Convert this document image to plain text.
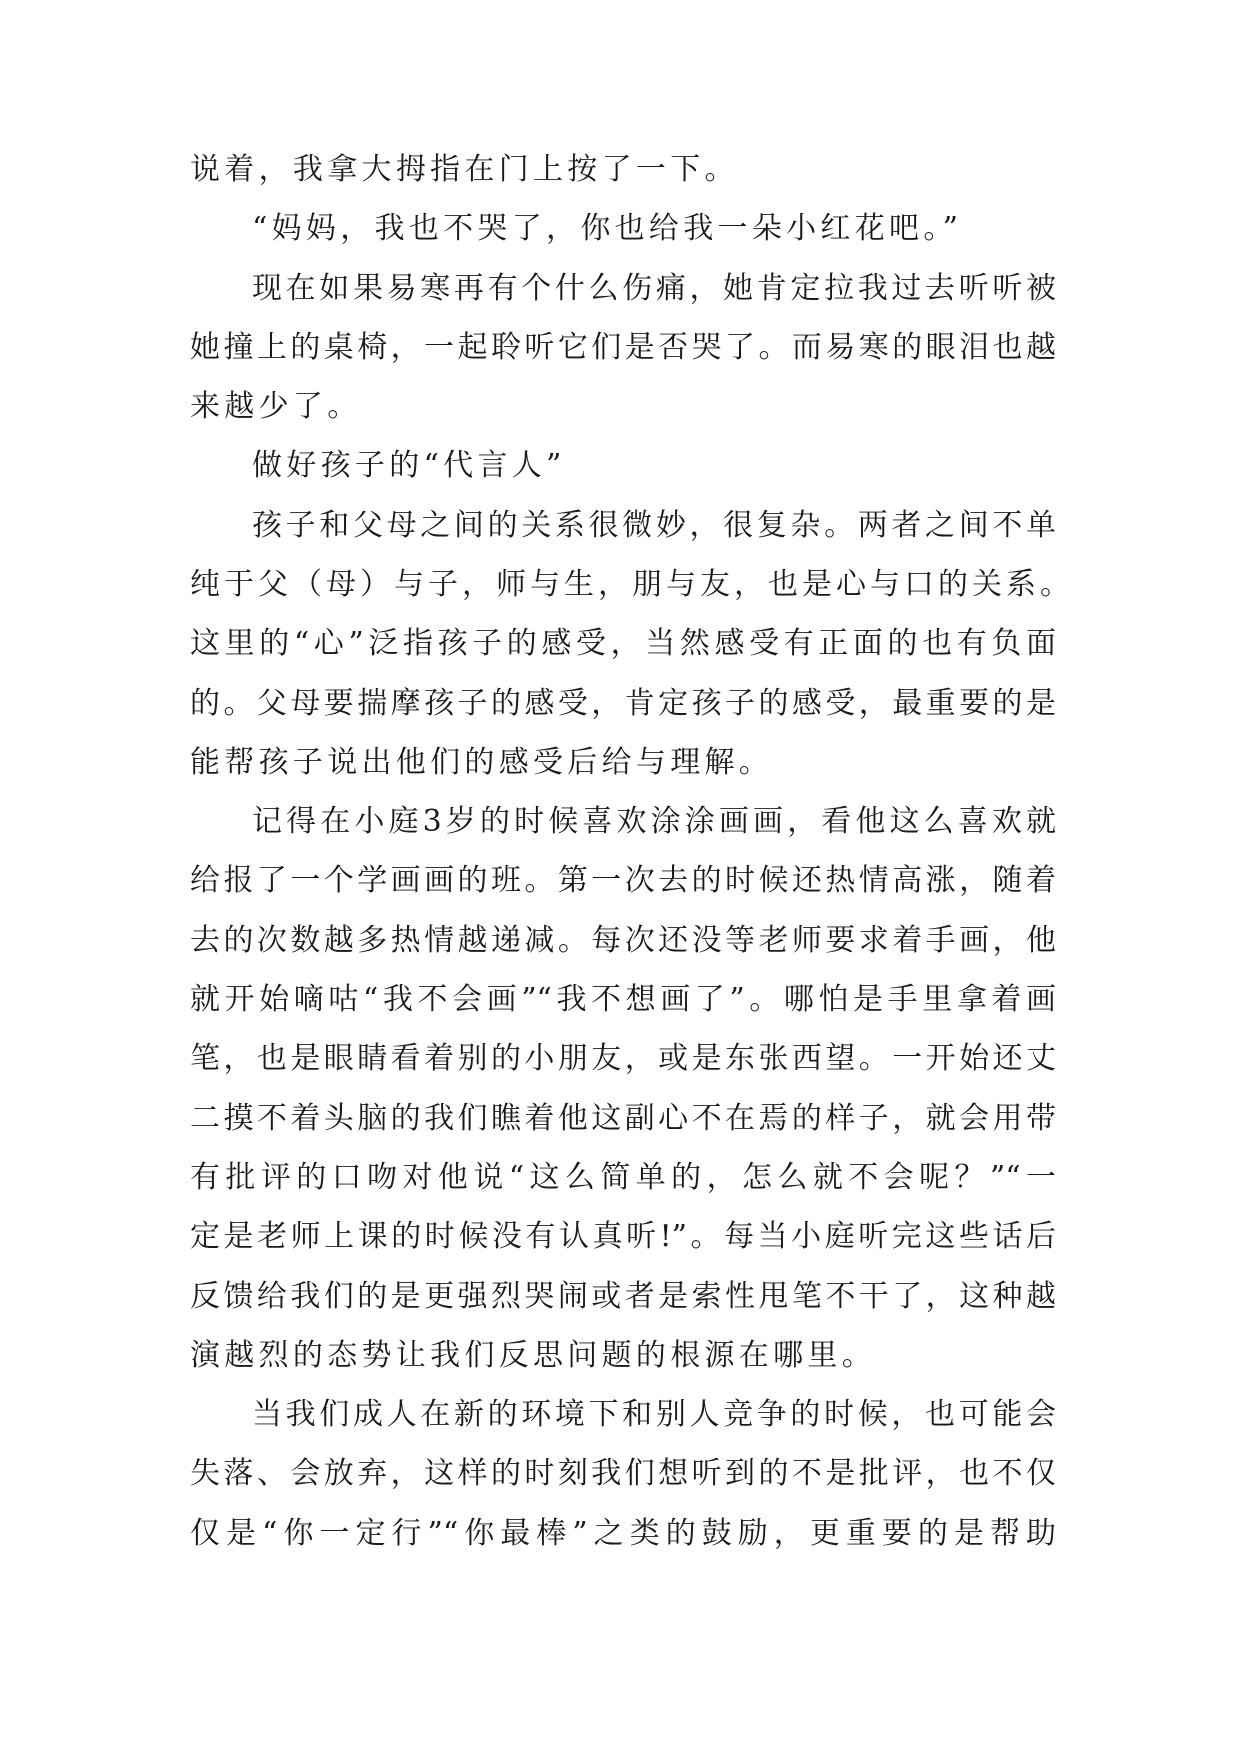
说着，我拿大拇指在门上按了一下。
“妈妈，我也不哭了，你也给我一朵小红花吧。”
现在如果易寒再有个什么伤痛，她肯定拉我过去听听被
她撞上的桌椅，一起聆听它们是否哭了。而易寒的眼泪也越
来越少了。
做好孩子的“代言人”
孩子和父母之间的关系很微妙，很复杂。两者之间不单
纯于父（母）与子，师与生，朋与友，也是心与口的关系。
这里的“心”泛指孩子的感受，当然感受有正面的也有负面
的。父母要揣摩孩子的感受，肯定孩子的感受，最重要的是
能帮孩子说出他们的感受后给与理解。
记得在小庭3岁的时候喜欢涂涂画画，看他这么喜欢就
给报了一个学画画的班。第一次去的时候还热情高涨，随着
去的次数越多热情越递减。每次还没等老师要求着手画，他
就开始嘀咕“我不会画”“我不想画了”。哪怕是手里拿着画
笔，也是眼睛看着别的小朋友，或是东张西望。一开始还丈
二摸不着头脑的我们瞧着他这副心不在焉的样子，就会用带
有批评的口吻对他说“这么简单的，怎么就不会呢？”“一
定是老师上课的时候没有认真听!”。每当小庭听完这些话后
反馈给我们的是更强烈哭闹或者是索性甩笔不干了，这种越
演越烈的态势让我们反思问题的根源在哪里。
当我们成人在新的环境下和别人竞争的时候，也可能会
失落、会放弃，这样的时刻我们想听到的不是批评，也不仅
仅是“你一定行”“你最棒”之类的鼓励，更重要的是帮助
